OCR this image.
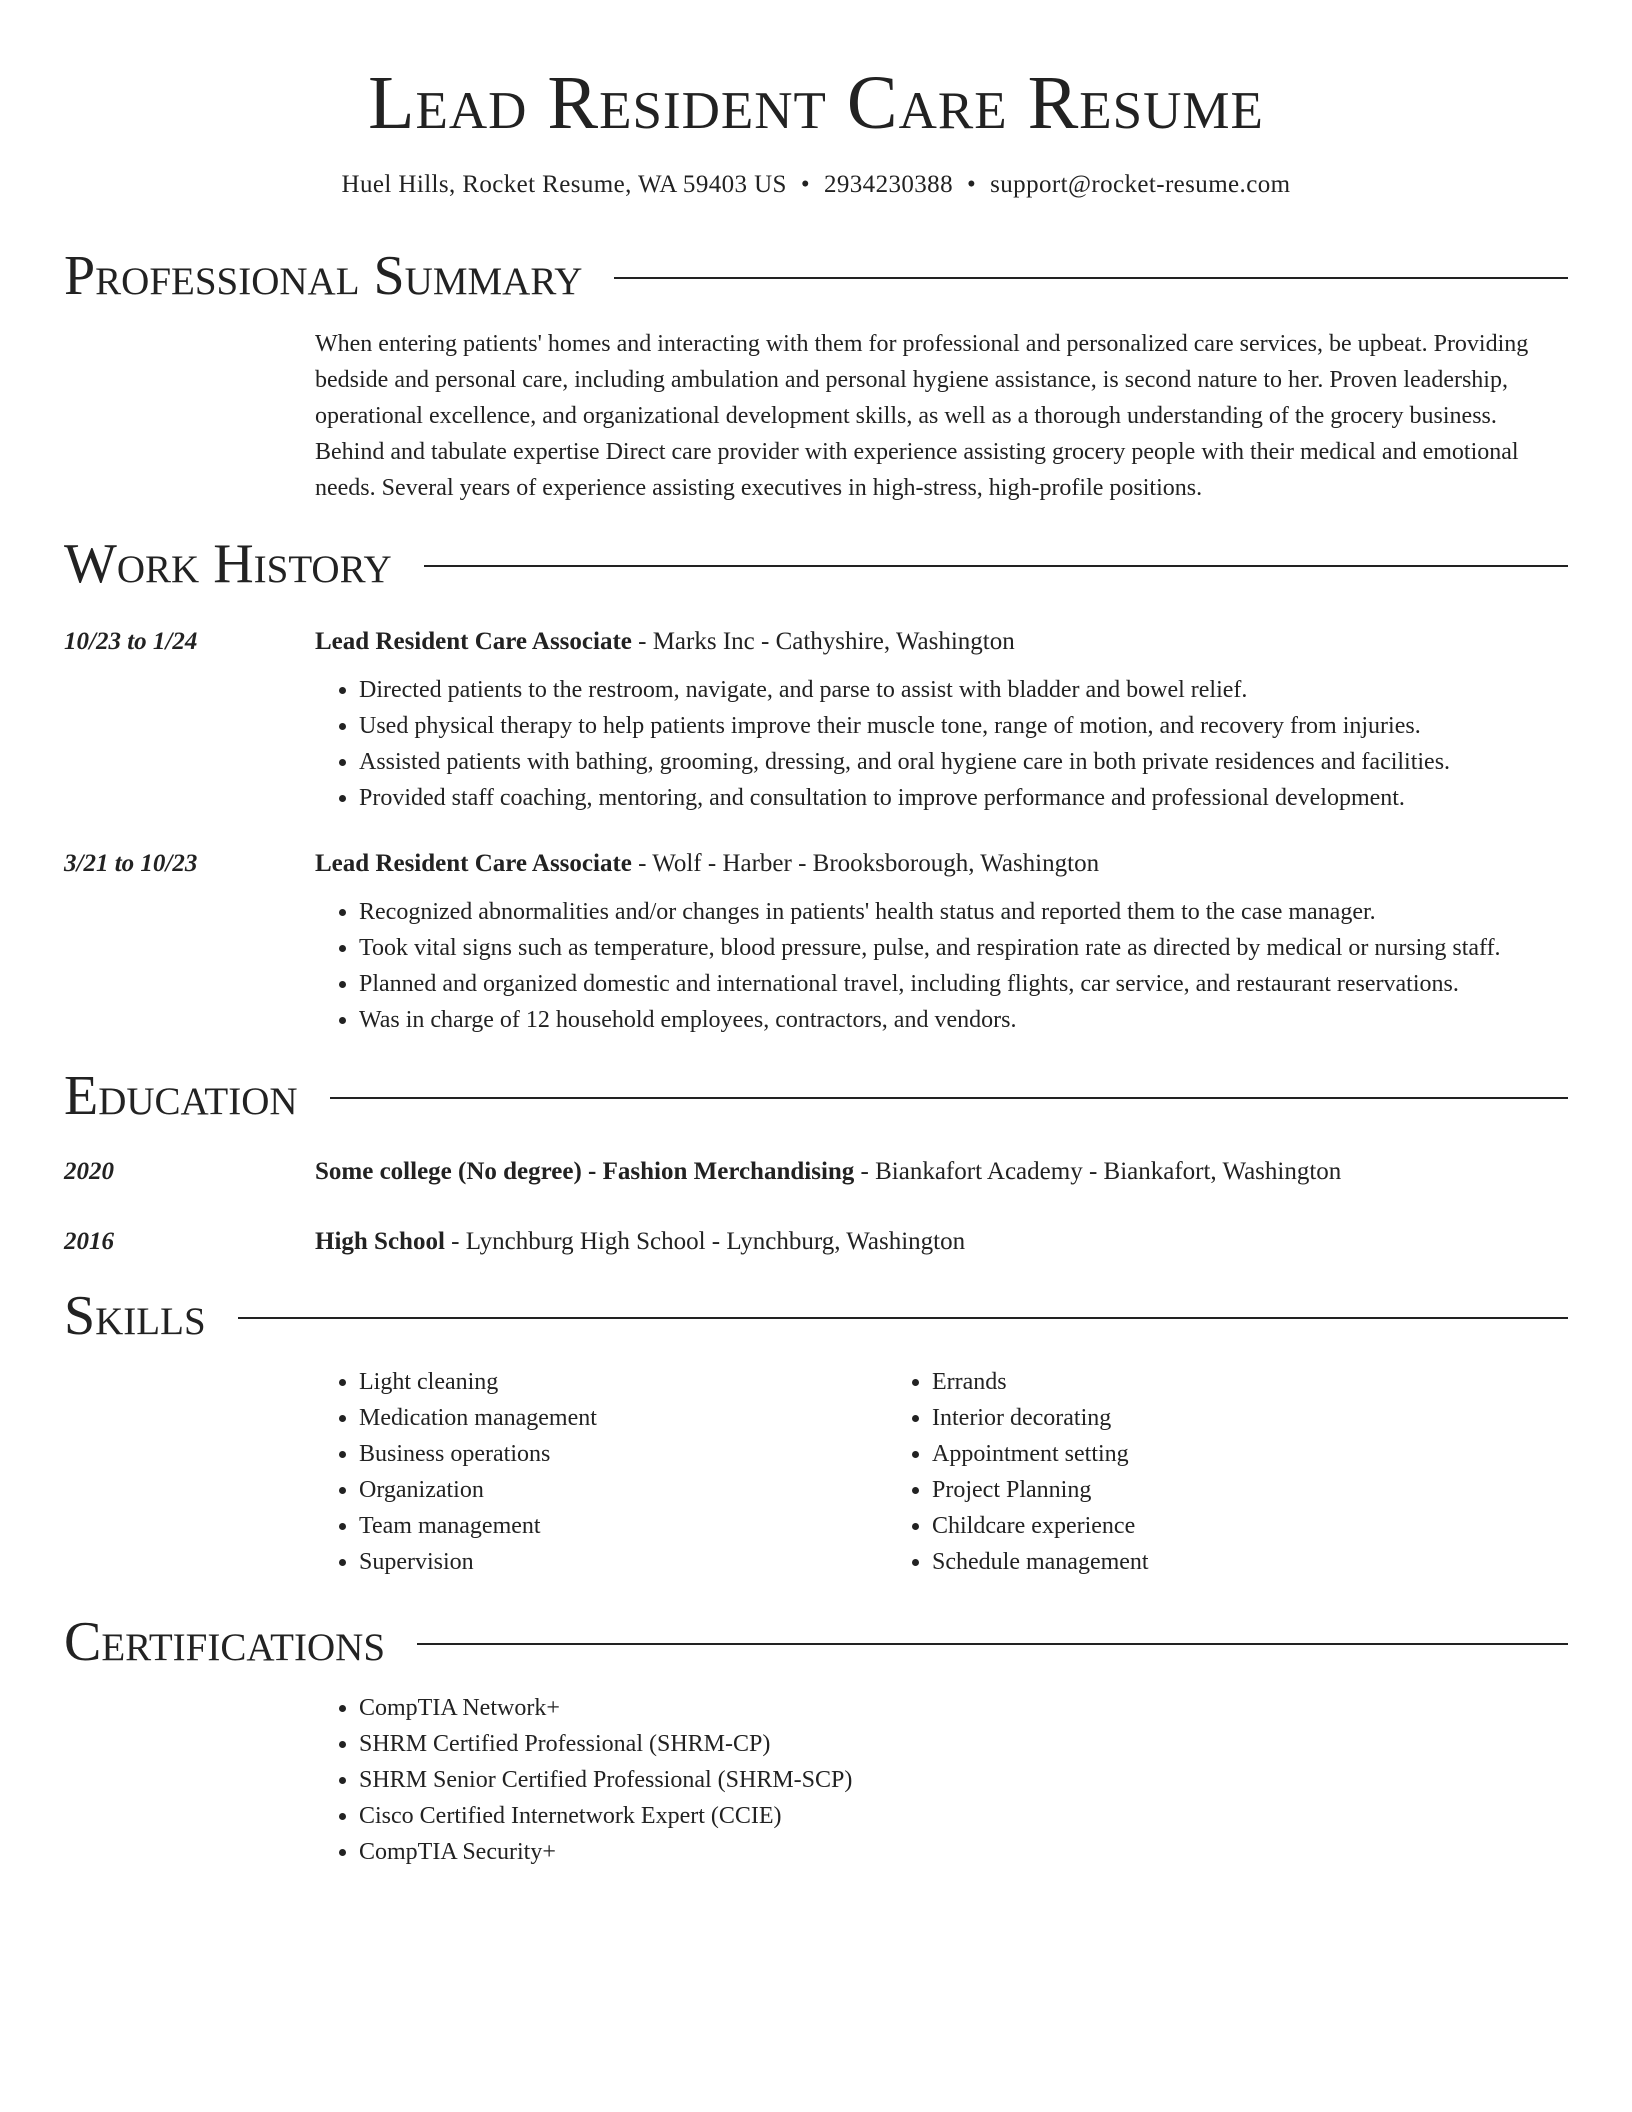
Lead Resident Care Resume
Huel Hills, Rocket Resume, WA 59403 US • 2934230388 • support@rocket-resume.com
Professional Summary
When entering patients' homes and interacting with them for professional and personalized care services, be upbeat. Providing bedside and personal care, including ambulation and personal hygiene assistance, is second nature to her. Proven leadership, operational excellence, and organizational development skills, as well as a thorough understanding of the grocery business. Behind and tabulate expertise Direct care provider with experience assisting grocery people with their medical and emotional needs. Several years of experience assisting executives in high-stress, high-profile positions.
Work History
10/23 to 1/24	Lead Resident Care Associate - Marks Inc - Cathyshire, Washington
• Directed patients to the restroom, navigate, and parse to assist with bladder and bowel relief.
• Used physical therapy to help patients improve their muscle tone, range of motion, and recovery from injuries.
• Assisted patients with bathing, grooming, dressing, and oral hygiene care in both private residences and facilities.
• Provided staff coaching, mentoring, and consultation to improve performance and professional development.
3/21 to 10/23	Lead Resident Care Associate - Wolf - Harber - Brooksborough, Washington
• Recognized abnormalities and/or changes in patients' health status and reported them to the case manager.
• Took vital signs such as temperature, blood pressure, pulse, and respiration rate as directed by medical or nursing staff.
• Planned and organized domestic and international travel, including flights, car service, and restaurant reservations.
• Was in charge of 12 household employees, contractors, and vendors.
Education
2020	Some college (No degree) - Fashion Merchandising - Biankafort Academy - Biankafort, Washington
2016	High School - Lynchburg High School - Lynchburg, Washington
Skills
• Light cleaning
• Medication management
• Business operations
• Organization
• Team management
• Supervision
• Errands
• Interior decorating
• Appointment setting
• Project Planning
• Childcare experience
• Schedule management
Certifications
• CompTIA Network+
• SHRM Certified Professional (SHRM-CP)
• SHRM Senior Certified Professional (SHRM-SCP)
• Cisco Certified Internetwork Expert (CCIE)
• CompTIA Security+
